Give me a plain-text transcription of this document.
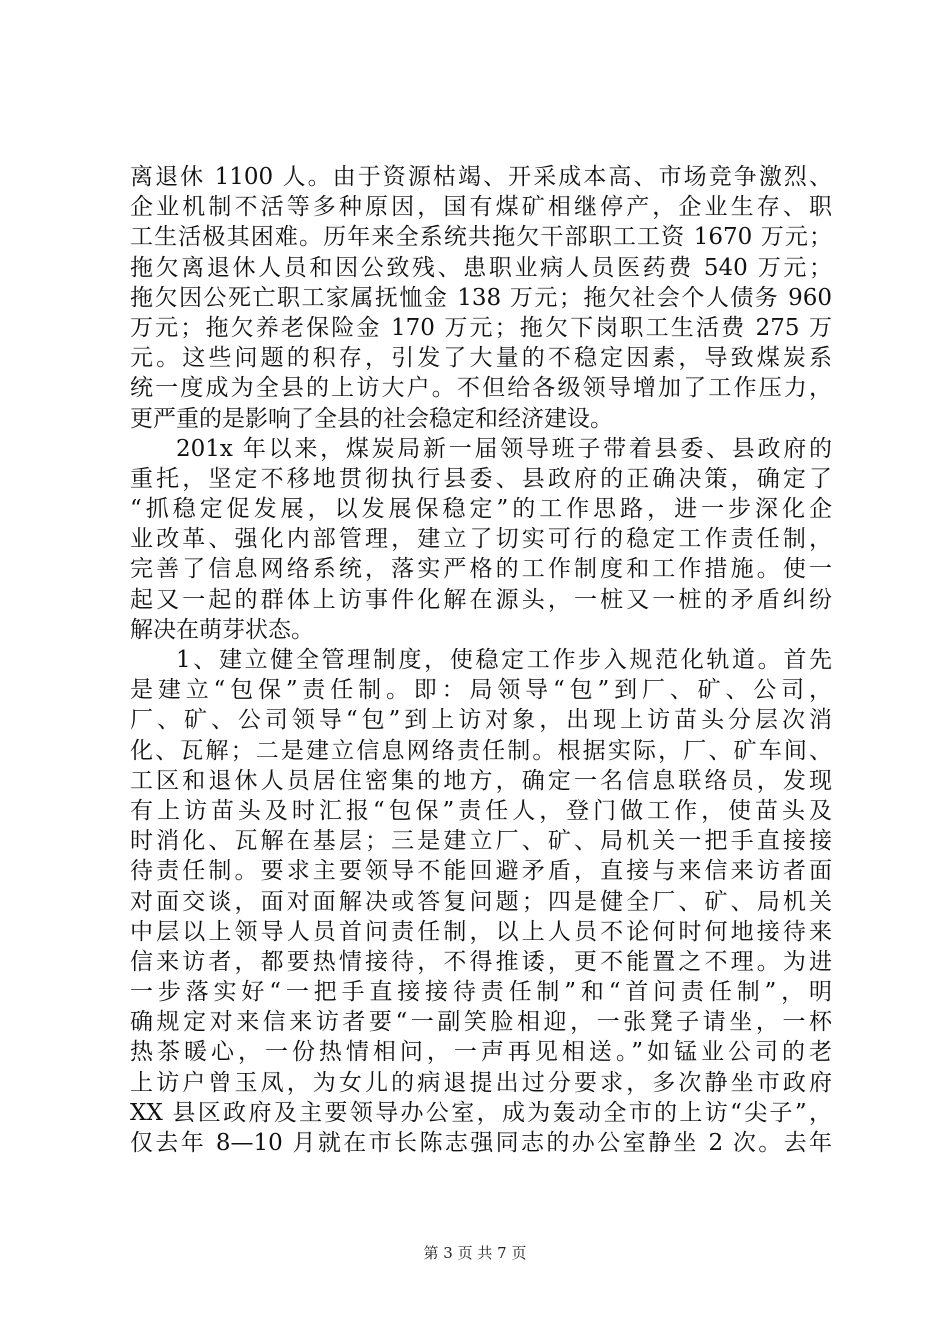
离退休 1100 人。由于资源枯竭、开采成本高、市场竞争激烈、
企业机制不活等多种原因，国有煤矿相继停产，企业生存、职
工生活极其困难。历年来全系统共拖欠干部职工工资 1670 万元；
拖欠离退休人员和因公致残、患职业病人员医药费 540 万元；
拖欠因公死亡职工家属抚恤金 138 万元；拖欠社会个人债务 960
万元；拖欠养老保险金 170 万元；拖欠下岗职工生活费 275 万
元。这些问题的积存，引发了大量的不稳定因素，导致煤炭系
统一度成为全县的上访大户。不但给各级领导增加了工作压力，
更严重的是影响了全县的社会稳定和经济建设。
201x 年以来，煤炭局新一届领导班子带着县委、县政府的
重托，坚定不移地贯彻执行县委、县政府的正确决策，确定了
“抓稳定促发展，以发展保稳定”的工作思路，进一步深化企
业改革、强化内部管理，建立了切实可行的稳定工作责任制，
完善了信息网络系统，落实严格的工作制度和工作措施。使一
起又一起的群体上访事件化解在源头，一桩又一桩的矛盾纠纷
解决在萌芽状态。
1、建立健全管理制度，使稳定工作步入规范化轨道。首先
是建立“包保”责任制。即：局领导“包”到厂、矿、公司，
厂、矿、公司领导“包”到上访对象，出现上访苗头分层次消
化、瓦解；二是建立信息网络责任制。根据实际，厂、矿车间、
工区和退休人员居住密集的地方，确定一名信息联络员，发现
有上访苗头及时汇报“包保”责任人，登门做工作，使苗头及
时消化、瓦解在基层；三是建立厂、矿、局机关一把手直接接
待责任制。要求主要领导不能回避矛盾，直接与来信来访者面
对面交谈，面对面解决或答复问题；四是健全厂、矿、局机关
中层以上领导人员首问责任制，以上人员不论何时何地接待来
信来访者，都要热情接待，不得推诿，更不能置之不理。为进
一步落实好“一把手直接接待责任制”和“首问责任制”，明
确规定对来信来访者要“一副笑脸相迎，一张凳子请坐，一杯
热茶暖心，一份热情相问，一声再见相送。”如锰业公司的老
上访户曾玉凤，为女儿的病退提出过分要求，多次静坐市政府
XX 县区政府及主要领导办公室，成为轰动全市的上访“尖子”，
仅去年 8—10 月就在市长陈志强同志的办公室静坐 2 次。去年
第 3 页 共 7 页
